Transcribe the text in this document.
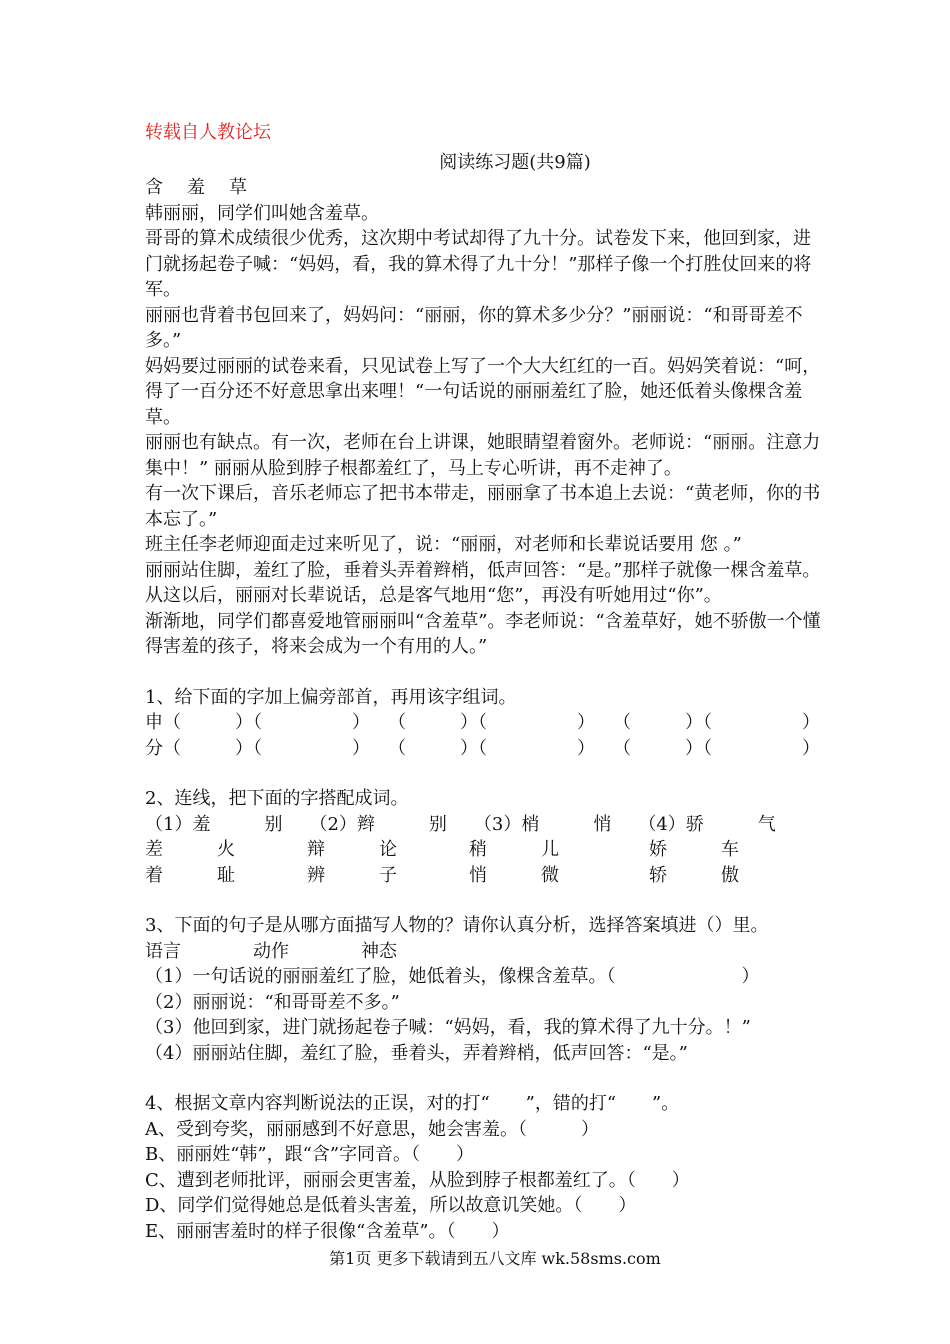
转载自人教论坛
阅读练习题(共9篇)
含 羞 草
韩丽丽，同学们叫她含羞草。
哥哥的算术成绩很少优秀，这次期中考试却得了九十分。试卷发下来，他回到家，进门就扬起卷子喊：“妈妈，看，我的算术得了九十分！”那样子像一个打胜仗回来的将军。
丽丽也背着书包回来了，妈妈问：“丽丽，你的算术多少分？”丽丽说：“和哥哥差不多。”
妈妈要过丽丽的试卷来看，只见试卷上写了一个大大红红的一百。妈妈笑着说：“呵，得了一百分还不好意思拿出来哩！“一句话说的丽丽羞红了脸，她还低着头像棵含羞草。
丽丽也有缺点。有一次，老师在台上讲课，她眼睛望着窗外。老师说：“丽丽。注意力集中！” 丽丽从脸到脖子根都羞红了，马上专心听讲，再不走神了。
有一次下课后，音乐老师忘了把书本带走，丽丽拿了书本追上去说：“黄老师，你的书本忘了。”
班主任李老师迎面走过来听见了，说：“丽丽，对老师和长辈说话要用 您 。”
丽丽站住脚，羞红了脸，垂着头弄着辫梢，低声回答：“是。”那样子就像一棵含羞草。从这以后，丽丽对长辈说话，总是客气地用“您”，再没有听她用过“你”。
渐渐地，同学们都喜爱地管丽丽叫“含羞草”。李老师说：“含羞草好，她不骄傲一个懂得害羞的孩子，将来会成为一个有用的人。”
1、给下面的字加上偏旁部首，再用该字组词。
申（　　　）（　　　　　）　　（　　　）（　　　　　）　　（　　　）（　　　　　）
分（　　　）（　　　　　）　　（　　　）（　　　　　）　　（　　　）（　　　　　）
2、连线，把下面的字搭配成词。
（1）羞　　　别　　（2）辫　　　别　　（3）梢　　　悄　　（4）骄　　　气
差　　　火　　　　辩　　　论　　　　稍　　　儿　　　　　娇　　　车
着　　　耻　　　　辨　　　子　　　　悄　　　微　　　　　轿　　　傲
3、下面的句子是从哪方面描写人物的？请你认真分析，选择答案填进（）里。
语言　　　　动作　　　　神态
（1）一句话说的丽丽羞红了脸，她低着头，像棵含羞草。（　　　　　　　）
（2）丽丽说：“和哥哥差不多。”
（3）他回到家，进门就扬起卷子喊：“妈妈，看，我的算术得了九十分。！”
（4）丽丽站住脚，羞红了脸，垂着头，弄着辫梢，低声回答：“是。”
4、根据文章内容判断说法的正误，对的打“　　”，错的打“　　”。
A、受到夸奖，丽丽感到不好意思，她会害羞。（　　　）
B、丽丽姓“韩”，跟“含”字同音。（　　）
C、遭到老师批评，丽丽会更害羞，从脸到脖子根都羞红了。（　　）
D、同学们觉得她总是低着头害羞，所以故意讥笑她。（　　）
E、丽丽害羞时的样子很像“含羞草”。（　　）
第1页 更多下载请到五八文库 wk.58sms.com
